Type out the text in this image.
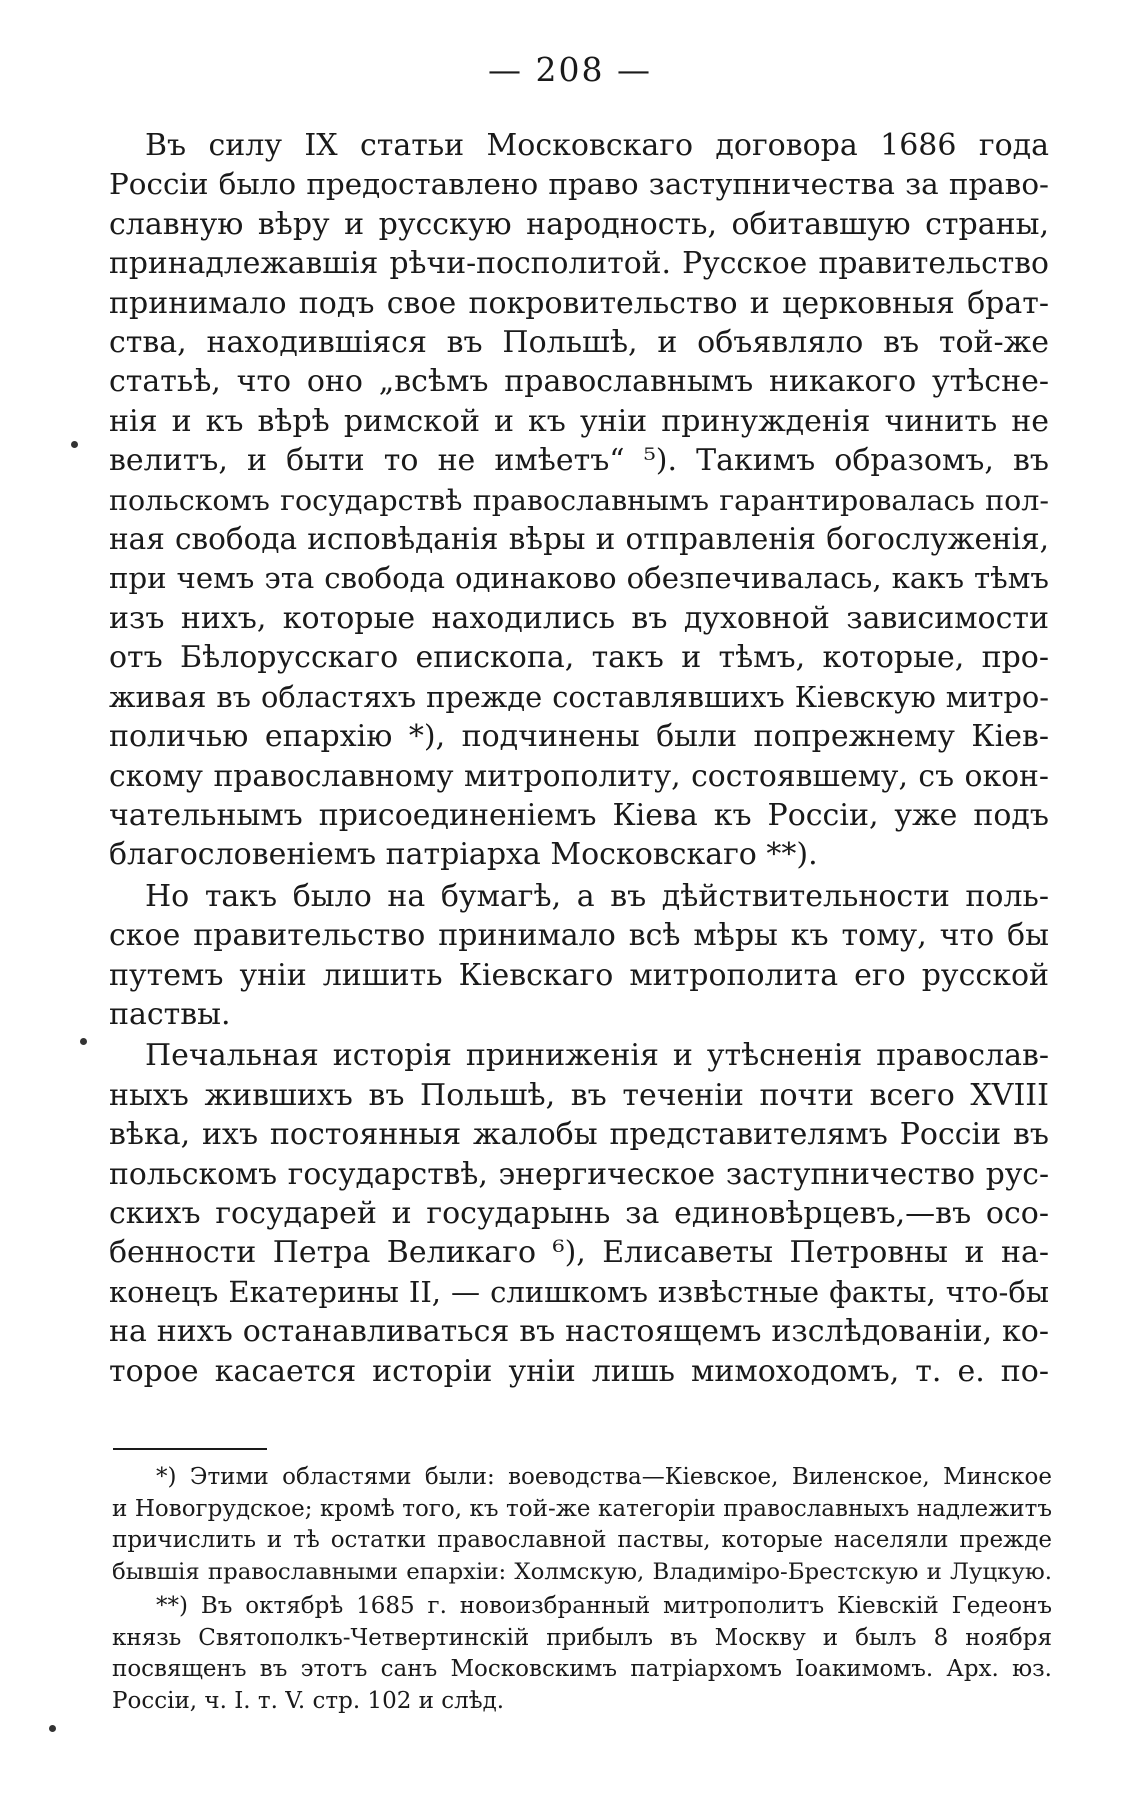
— 208 —
Въ силу IX статьи Московскаго договора 1686 года
Россіи было предоставлено право заступничества за право-
славную вѣру и русскую народность, обитавшую страны,
принадлежавшія рѣчи-посполитой. Русское правительство
принимало подъ свое покровительство и церковныя брат-
ства, находившіяся въ Польшѣ, и объявляло въ той-же
статьѣ, что оно „всѣмъ православнымъ никакого утѣсне-
нія и къ вѣрѣ римской и къ уніи принужденія чинить не
велитъ, и быти то не имѣетъ“ ⁵). Такимъ образомъ, въ
польскомъ государствѣ православнымъ гарантировалась пол-
ная свобода исповѣданія вѣры и отправленія богослуженія,
при чемъ эта свобода одинаково обезпечивалась, какъ тѣмъ
изъ нихъ, которые находились въ духовной зависимости
отъ Бѣлорусскаго епископа, такъ и тѣмъ, которые, про-
живая въ областяхъ прежде составлявшихъ Кіевскую митро-
поличью епархію *), подчинены были попрежнему Кіев-
скому православному митрополиту, состоявшему, съ окон-
чательнымъ присоединеніемъ Кіева къ Россіи, уже подъ
благословеніемъ патріарха Московскаго **).
Но такъ было на бумагѣ, а въ дѣйствительности поль-
ское правительство принимало всѣ мѣры къ тому, что бы
путемъ уніи лишить Кіевскаго митрополита его русской
паствы.
Печальная исторія приниженія и утѣсненія православ-
ныхъ жившихъ въ Польшѣ, въ теченіи почти всего XVIII
вѣка, ихъ постоянныя жалобы представителямъ Россіи въ
польскомъ государствѣ, энергическое заступничество рус-
скихъ государей и государынь за единовѣрцевъ,—въ осо-
бенности Петра Великаго ⁶), Елисаветы Петровны и на-
конецъ Екатерины II, — слишкомъ извѣстные факты, что-бы
на нихъ останавливаться въ настоящемъ изслѣдованіи, ко-
торое касается исторіи уніи лишь мимоходомъ, т. е. по-
*) Этими областями были: воеводства—Кіевское, Виленское, Минское
и Новогрудское; кромѣ того, къ той-же категоріи православныхъ надлежитъ
причислить и тѣ остатки православной паствы, которые населяли прежде
бывшія православными епархіи: Холмскую, Владиміро-Брестскую и Луцкую.
**) Въ октябрѣ 1685 г. новоизбранный митрополитъ Кіевскій Гедеонъ
князь Святополкъ-Четвертинскій прибылъ въ Москву и былъ 8 ноября
посвященъ въ этотъ санъ Московскимъ патріархомъ Іоакимомъ. Арх. юз.
Россіи, ч. I. т. V. стр. 102 и слѣд.
